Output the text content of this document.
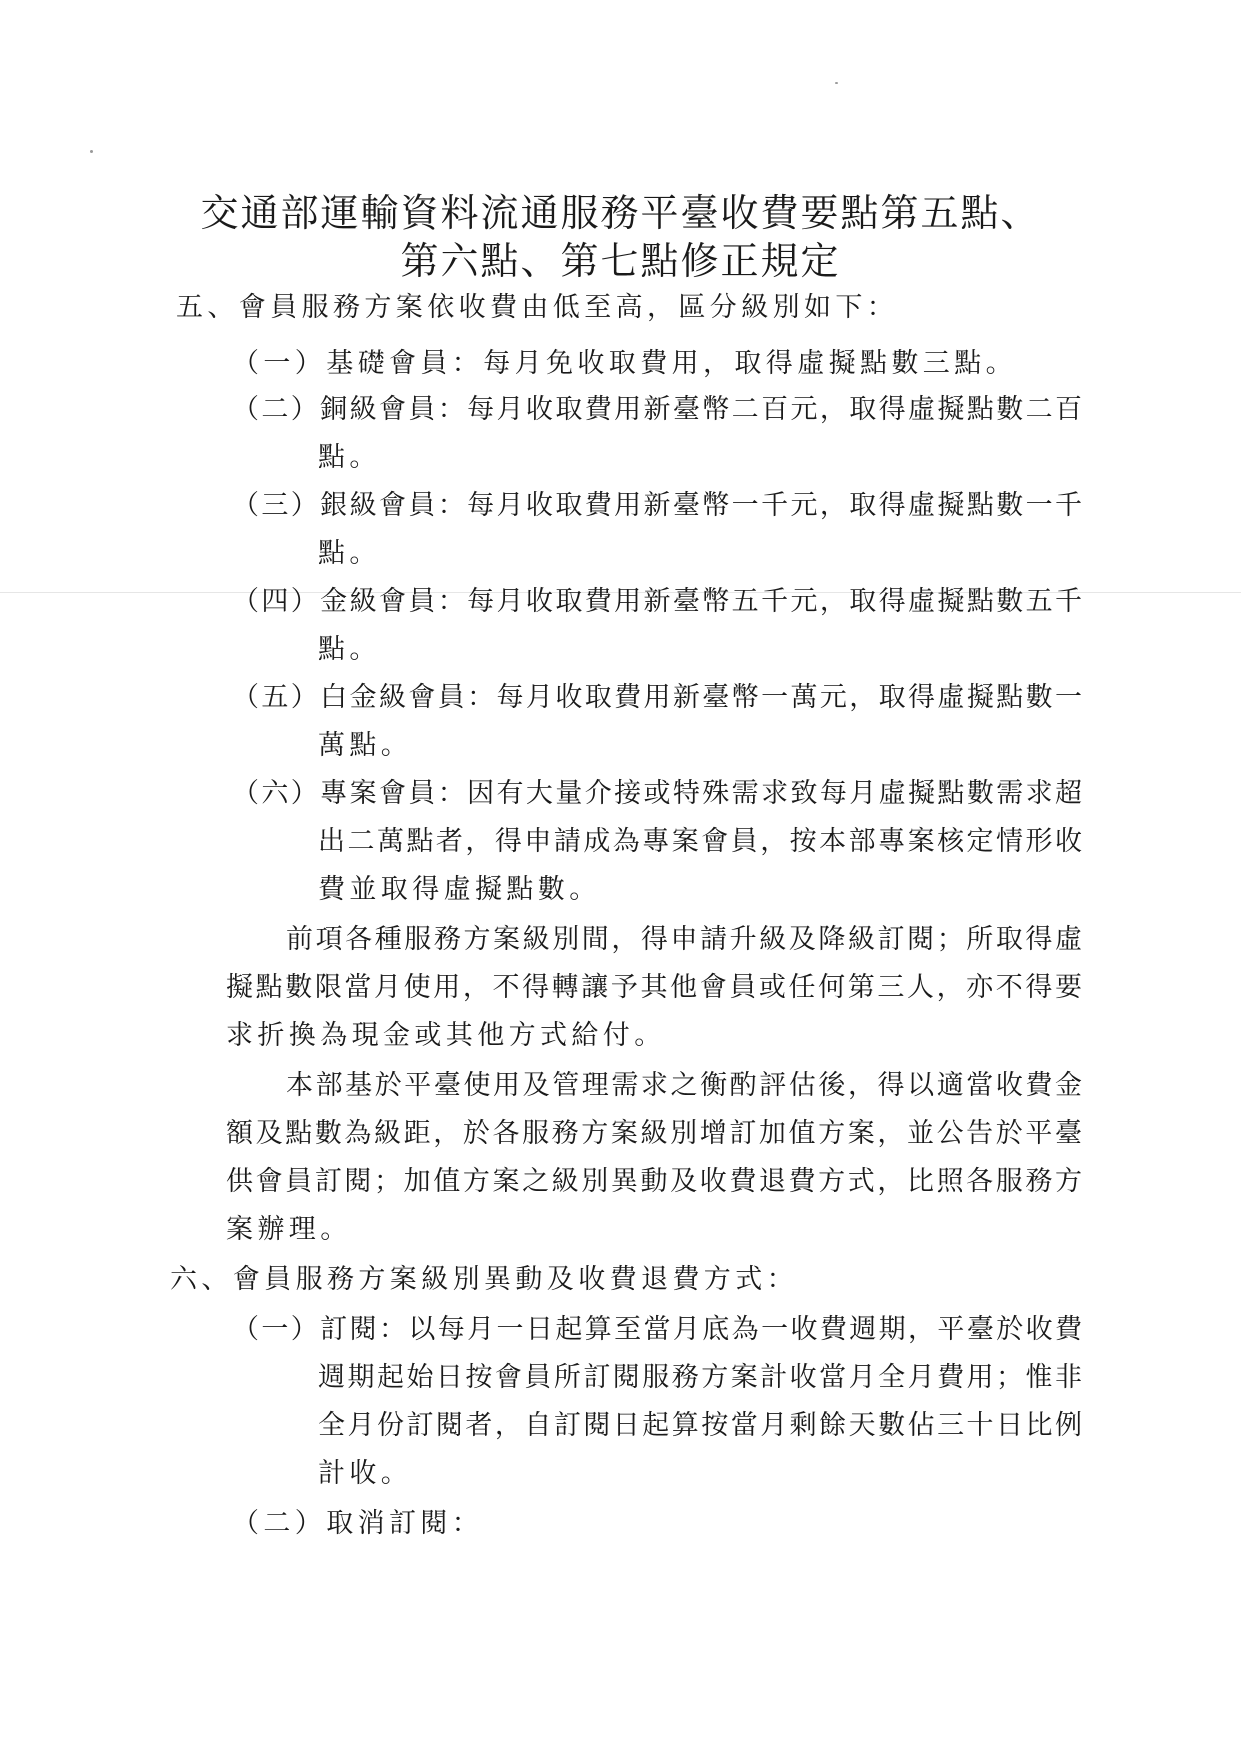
交通部運輸資料流通服務平臺收費要點第五點、
第六點、第七點修正規定
五、會員服務方案依收費由低至高，區分級別如下：
（一）基礎會員：每月免收取費用，取得虛擬點數三點。
（二）銅級會員：每月收取費用新臺幣二百元，取得虛擬點數二百
點。
（三）銀級會員：每月收取費用新臺幣一千元，取得虛擬點數一千
點。
（四）金級會員：每月收取費用新臺幣五千元，取得虛擬點數五千
點。
（五）白金級會員：每月收取費用新臺幣一萬元，取得虛擬點數一
萬點。
（六）專案會員：因有大量介接或特殊需求致每月虛擬點數需求超
出二萬點者，得申請成為專案會員，按本部專案核定情形收
費並取得虛擬點數。
前項各種服務方案級別間，得申請升級及降級訂閱；所取得虛
擬點數限當月使用，不得轉讓予其他會員或任何第三人，亦不得要
求折換為現金或其他方式給付。
本部基於平臺使用及管理需求之衡酌評估後，得以適當收費金
額及點數為級距，於各服務方案級別增訂加值方案，並公告於平臺
供會員訂閱；加值方案之級別異動及收費退費方式，比照各服務方
案辦理。
六、會員服務方案級別異動及收費退費方式：
（一）訂閱：以每月一日起算至當月底為一收費週期，平臺於收費
週期起始日按會員所訂閱服務方案計收當月全月費用；惟非
全月份訂閱者，自訂閱日起算按當月剩餘天數佔三十日比例
計收。
（二）取消訂閱：
